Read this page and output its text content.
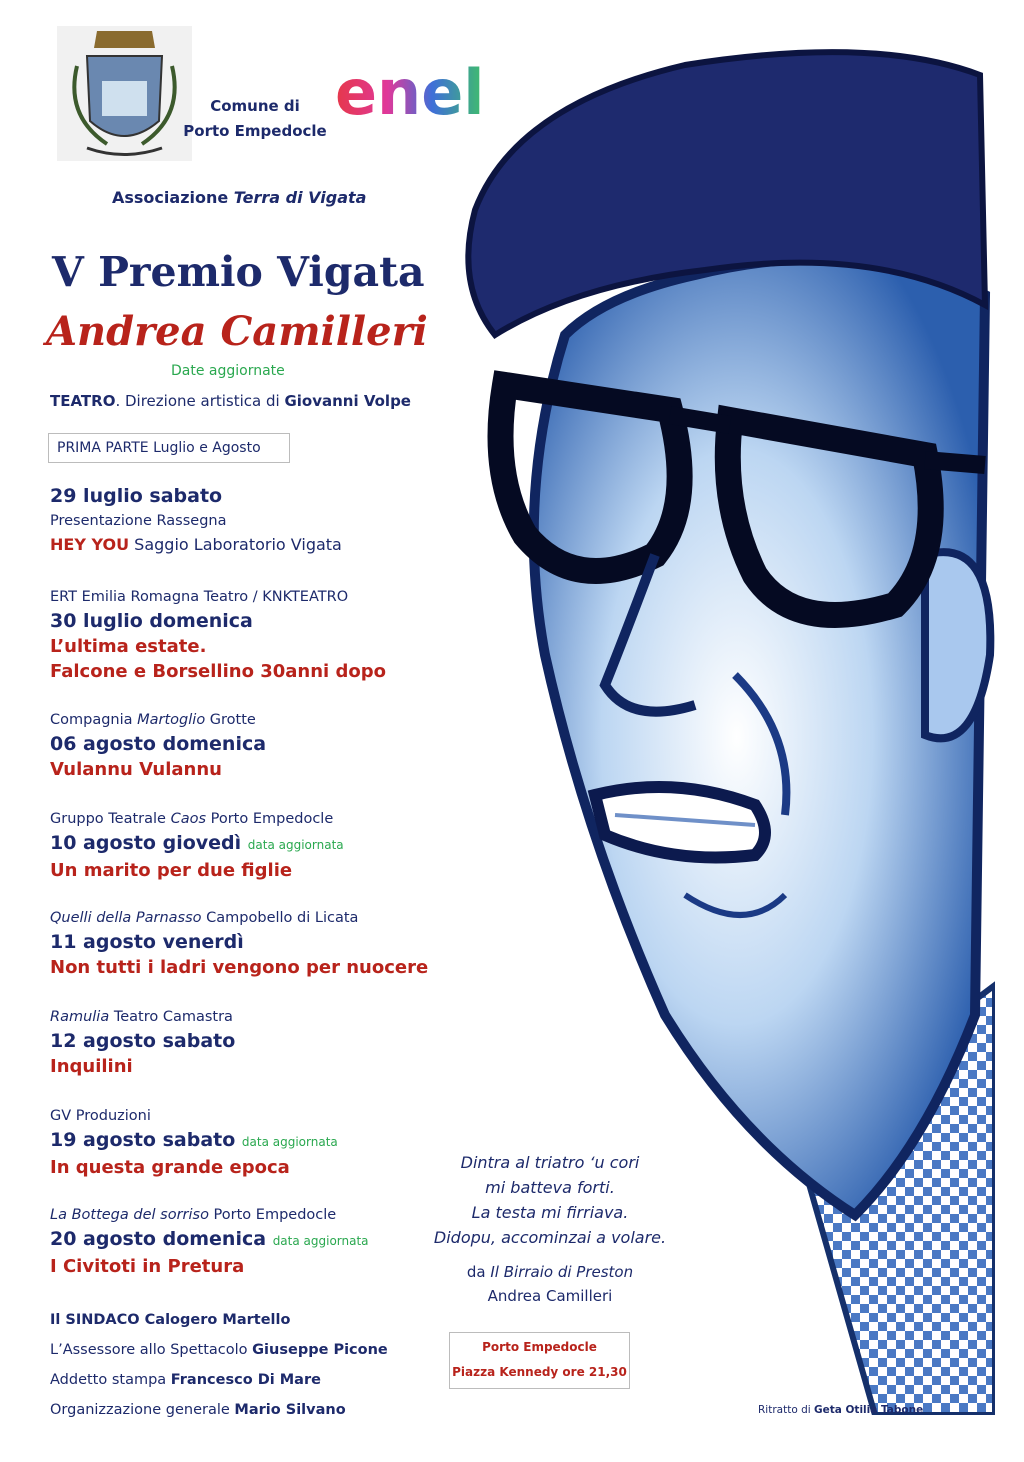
Comune di
Porto Empedocle
enel
Associazione Terra di Vigata
V Premio Vigata
Andrea Camilleri
Date aggiornate
TEATRO. Direzione artistica di Giovanni Volpe
PRIMA PARTE Luglio e Agosto
29 luglio sabato
Presentazione Rassegna
HEY YOU Saggio Laboratorio Vigata
ERT Emilia Romagna Teatro / KNKTEATRO
30 luglio domenica
L’ultima estate.
Falcone e Borsellino 30anni dopo
Compagnia Martoglio Grotte
06 agosto domenica
Vulannu Vulannu
Gruppo Teatrale Caos Porto Empedocle
10 agosto giovedì data aggiornata
Un marito per due figlie
Quelli della Parnasso Campobello di Licata
11 agosto venerdì
Non tutti i ladri vengono per nuocere
Ramulia Teatro Camastra
12 agosto sabato
Inquilini
GV Produzioni
19 agosto sabato data aggiornata
In questa grande epoca
La Bottega del sorriso Porto Empedocle
20 agosto domenica data aggiornata
I Civitoti in Pretura
Il SINDACO Calogero Martello
L’Assessore allo Spettacolo Giuseppe Picone
Addetto stampa Francesco Di Mare
Organizzazione generale Mario Silvano
Dintra al triatro ‘u cori
mi batteva forti.
La testa mi firriava.
Didopu, accominzai a volare.
da Il Birraio di Preston
Andrea Camilleri
Porto Empedocle
Piazza Kennedy ore 21,30
Ritratto di Geta Otilia Tabone
